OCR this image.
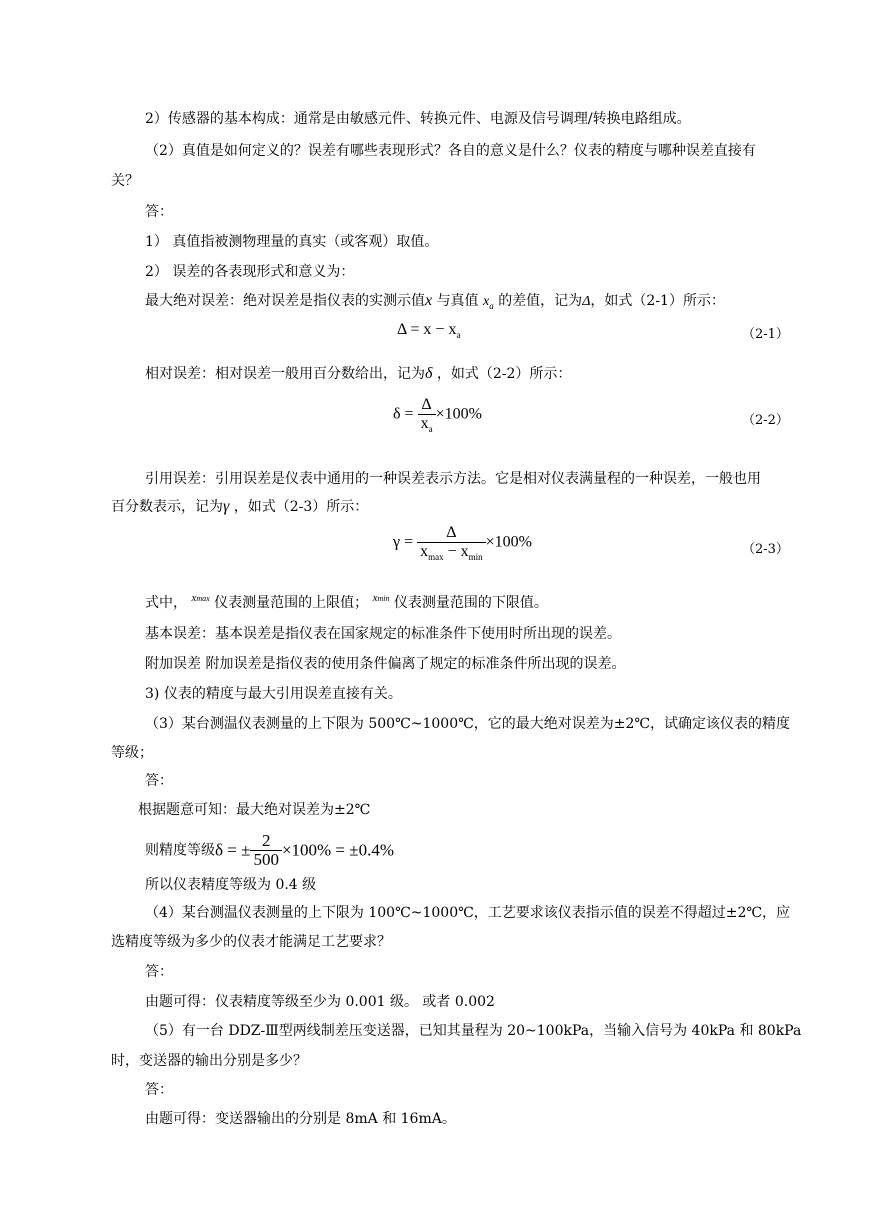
2）传感器的基本构成：通常是由敏感元件、转换元件、电源及信号调理/转换电路组成。
（2）真值是如何定义的？误差有哪些表现形式？各自的意义是什么？仪表的精度与哪种误差直接有
关？
答：
1） 真值指被测物理量的真实（或客观）取值。
2） 误差的各表现形式和意义为：
最大绝对误差：绝对误差是指仪表的实测示值x 与真值 $x_a$ 的差值，记为Δ，如式（2-1）所示：
$\Delta = x - x_a$	（2-1）
相对误差：相对误差一般用百分数给出，记为δ ，如式（2-2）所示：
$\delta = \frac{\Delta}{x_a} \times 100\%$	（2-2）
引用误差：引用误差是仪表中通用的一种误差表示方法。它是相对仪表满量程的一种误差，一般也用
百分数表示，记为γ ，如式（2-3）所示：
$\gamma = \frac{\Delta}{x_{max} - x_{min}} \times 100\%$	（2-3）
式中， $^{xmax}$ 仪表测量范围的上限值； $^{xmin}$ 仪表测量范围的下限值。
基本误差：基本误差是指仪表在国家规定的标准条件下使用时所出现的误差。
附加误差 附加误差是指仪表的使用条件偏离了规定的标准条件所出现的误差。
3) 仪表的精度与最大引用误差直接有关。
（3）某台测温仪表测量的上下限为 500℃~1000℃，它的最大绝对误差为±2℃，试确定该仪表的精度
等级；
答：
根据题意可知：最大绝对误差为±2℃
则精度等级δ = ± $\frac{2}{500} \times 100\% = \pm 0.4\%$
所以仪表精度等级为 0.4 级
（4）某台测温仪表测量的上下限为 100℃~1000℃，工艺要求该仪表指示值的误差不得超过±2℃，应
选精度等级为多少的仪表才能满足工艺要求？
答：
由题可得：仪表精度等级至少为 0.001 级。 或者 0.002
（5）有一台 DDZ-Ⅲ型两线制差压变送器，已知其量程为 20~100kPa，当输入信号为 40kPa 和 80kPa
时，变送器的输出分别是多少？
答：
由题可得：变送器输出的分别是 8mA 和 16mA。
